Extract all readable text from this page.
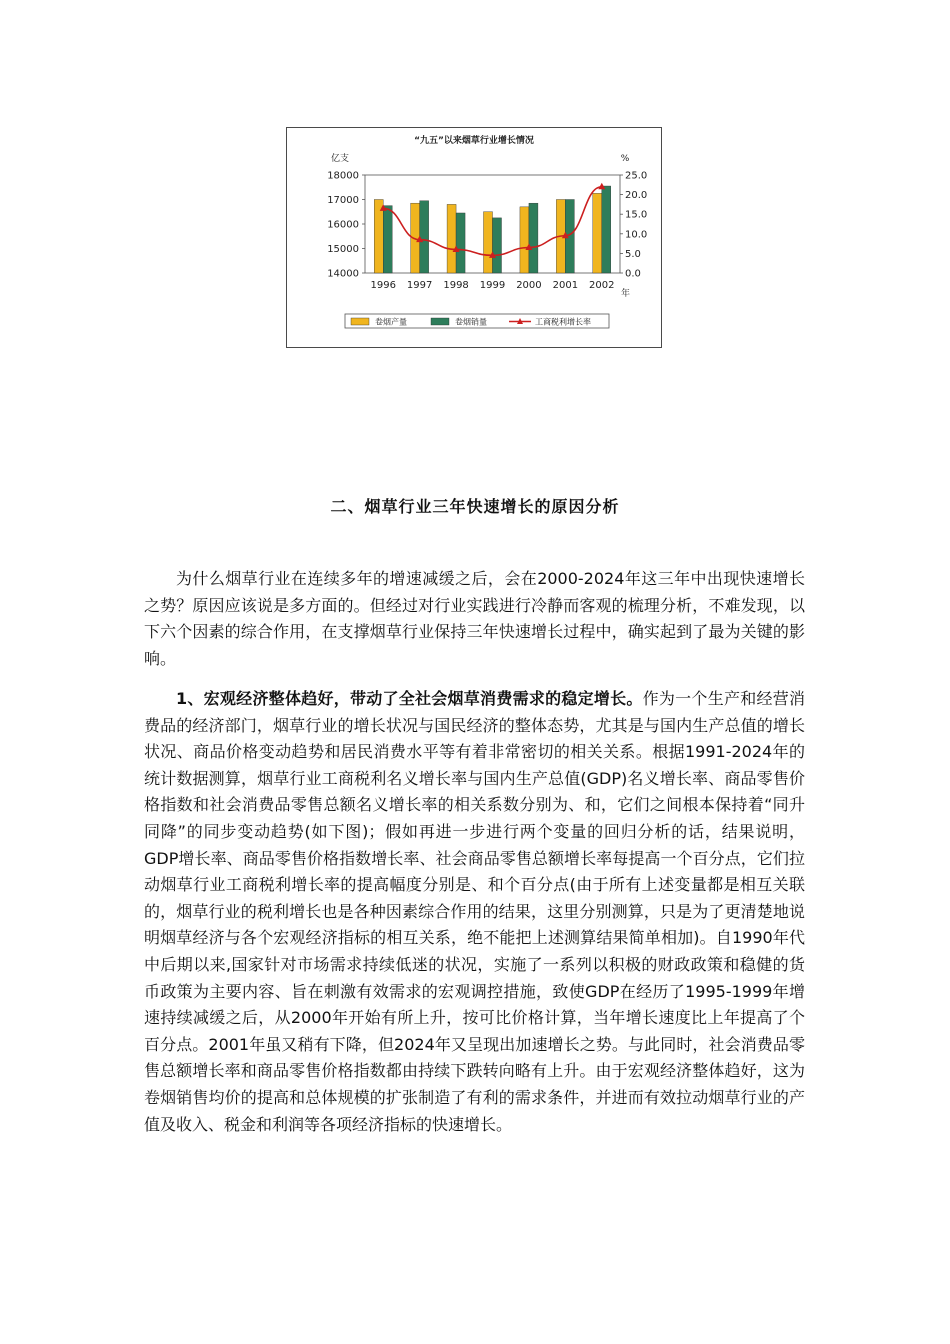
“九五”以来烟草行业增长情况
亿支	%
年
14000
15000
16000
17000
18000
0.0
5.0
10.0
15.0
20.0
25.0
1996 1997 1998 1999 2000 2001 2002
卷烟产量	卷烟销量	工商税利增长率
二、烟草行业三年快速增长的原因分析

为什么烟草行业在连续多年的增速减缓之后，会在2000-2024年这三年中出现快速增长之势？原因应该说是多方面的。但经过对行业实践进行冷静而客观的梳理分析，不难发现，以下六个因素的综合作用，在支撑烟草行业保持三年快速增长过程中，确实起到了最为关键的影响。

1、宏观经济整体趋好，带动了全社会烟草消费需求的稳定增长。作为一个生产和经营消费品的经济部门，烟草行业的增长状况与国民经济的整体态势，尤其是与国内生产总值的增长状况、商品价格变动趋势和居民消费水平等有着非常密切的相关关系。根据1991-2024年的统计数据测算，烟草行业工商税利名义增长率与国内生产总值(GDP)名义增长率、商品零售价格指数和社会消费品零售总额名义增长率的相关系数分别为、和，它们之间根本保持着“同升同降”的同步变动趋势(如下图)；假如再进一步进行两个变量的回归分析的话，结果说明，GDP增长率、商品零售价格指数增长率、社会商品零售总额增长率每提高一个百分点，它们拉动烟草行业工商税利增长率的提高幅度分别是、和个百分点(由于所有上述变量都是相互关联的，烟草行业的税利增长也是各种因素综合作用的结果，这里分别测算，只是为了更清楚地说明烟草经济与各个宏观经济指标的相互关系，绝不能把上述测算结果简单相加)。自1990年代中后期以来,国家针对市场需求持续低迷的状况，实施了一系列以积极的财政政策和稳健的货币政策为主要内容、旨在刺激有效需求的宏观调控措施，致使GDP在经历了1995-1999年增速持续减缓之后，从2000年开始有所上升，按可比价格计算，当年增长速度比上年提高了个百分点。2001年虽又稍有下降，但2024年又呈现出加速增长之势。与此同时，社会消费品零售总额增长率和商品零售价格指数都由持续下跌转向略有上升。由于宏观经济整体趋好，这为卷烟销售均价的提高和总体规模的扩张制造了有利的需求条件，并进而有效拉动烟草行业的产值及收入、税金和利润等各项经济指标的快速增长。
